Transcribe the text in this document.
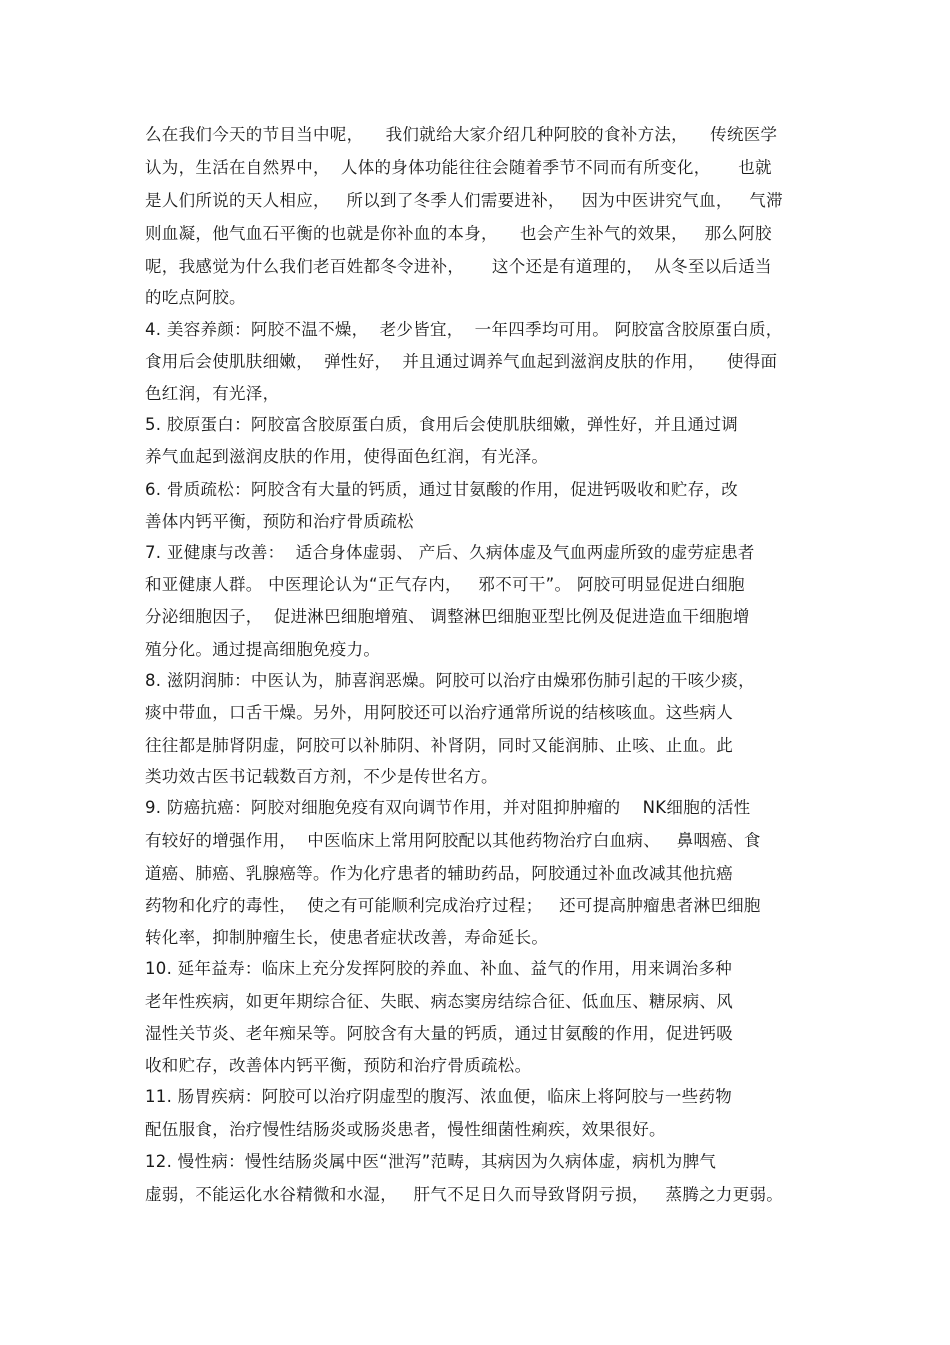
么在我们今天的节目当中呢，    我们就给大家介绍几种阿胶的食补方法，    传统医学
认为，生活在自然界中，  人体的身体功能往往会随着季节不同而有所变化，     也就
是人们所说的天人相应，   所以到了冬季人们需要进补，   因为中医讲究气血，   气滞
则血凝，他气血石平衡的也就是你补血的本身，    也会产生补气的效果，   那么阿胶
呢，我感觉为什么我们老百姓都冬令进补，     这个还是有道理的，  从冬至以后适当
的吃点阿胶。
4. 美容养颜：阿胶不温不燥，  老少皆宜，  一年四季均可用。 阿胶富含胶原蛋白质，
食用后会使肌肤细嫩，  弹性好，  并且通过调养气血起到滋润皮肤的作用，    使得面
色红润，有光泽，
5. 胶原蛋白：阿胶富含胶原蛋白质，食用后会使肌肤细嫩，弹性好，并且通过调
养气血起到滋润皮肤的作用，使得面色红润，有光泽。
6. 骨质疏松：阿胶含有大量的钙质，通过甘氨酸的作用，促进钙吸收和贮存，改
善体内钙平衡，预防和治疗骨质疏松
7. 亚健康与改善：  适合身体虚弱、 产后、久病体虚及气血两虚所致的虚劳症患者
和亚健康人群。 中医理论认为“正气存内，   邪不可干”。 阿胶可明显促进白细胞
分泌细胞因子，  促进淋巴细胞增殖、 调整淋巴细胞亚型比例及促进造血干细胞增
殖分化。通过提高细胞免疫力。
8. 滋阴润肺：中医认为，肺喜润恶燥。阿胶可以治疗由燥邪伤肺引起的干咳少痰，
痰中带血，口舌干燥。另外，用阿胶还可以治疗通常所说的结核咳血。这些病人
往往都是肺肾阴虚，阿胶可以补肺阴、补肾阴，同时又能润肺、止咳、止血。此
类功效古医书记载数百方剂，不少是传世名方。
9. 防癌抗癌：阿胶对细胞免疫有双向调节作用，并对阻抑肿瘤的    NK细胞的活性
有较好的增强作用，  中医临床上常用阿胶配以其他药物治疗白血病、   鼻咽癌、食
道癌、肺癌、乳腺癌等。作为化疗患者的辅助药品，阿胶通过补血改减其他抗癌
药物和化疗的毒性，  使之有可能顺利完成治疗过程；   还可提高肿瘤患者淋巴细胞
转化率，抑制肿瘤生长，使患者症状改善，寿命延长。
10. 延年益寿：临床上充分发挥阿胶的养血、补血、益气的作用，用来调治多种
老年性疾病，如更年期综合征、失眠、病态窦房结综合征、低血压、糖尿病、风
湿性关节炎、老年痴呆等。阿胶含有大量的钙质，通过甘氨酸的作用，促进钙吸
收和贮存，改善体内钙平衡，预防和治疗骨质疏松。
11. 肠胃疾病：阿胶可以治疗阴虚型的腹泻、浓血便，临床上将阿胶与一些药物
配伍服食，治疗慢性结肠炎或肠炎患者，慢性细菌性痢疾，效果很好。
12. 慢性病：慢性结肠炎属中医“泄泻”范畴，其病因为久病体虚，病机为脾气
虚弱，不能运化水谷精微和水湿，   肝气不足日久而导致肾阴亏损，   蒸腾之力更弱。
